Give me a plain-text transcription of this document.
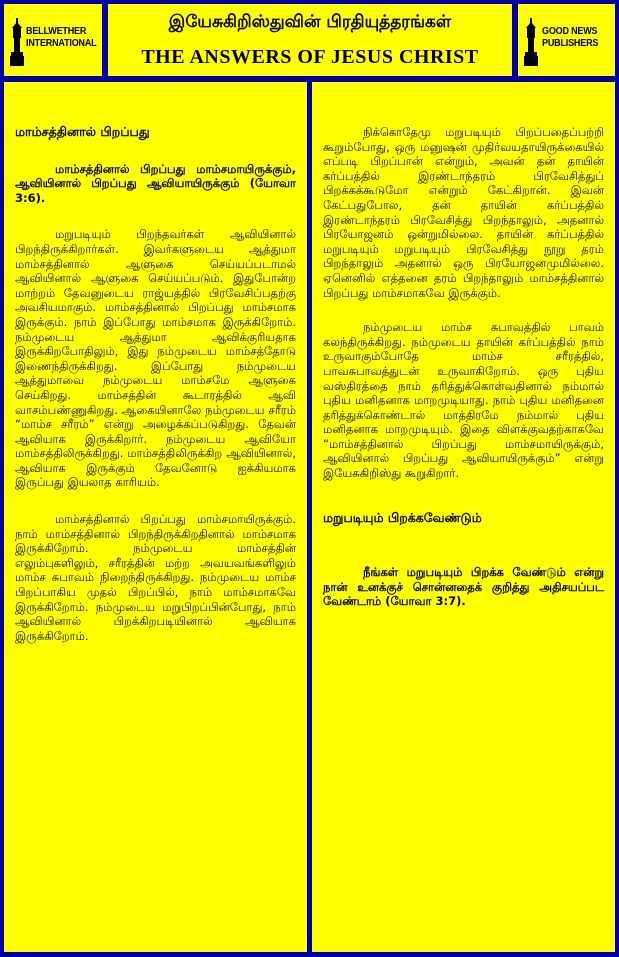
BELLWETHER INTERNATIONAL
இயேசுகிறிஸ்துவின் பிரதியுத்தரங்கள்
THE ANSWERS OF JESUS CHRIST
GOOD NEWS PUBLISHERS
மாம்சத்தினால் பிறப்பது

மாம்சத்தினால் பிறப்பது மாம்சமாயிருக்கும், ஆவியினால் பிறப்பது ஆவியாயிருக்கும் (யோவா 3:6).

மறுபடியும் பிறந்தவர்கள் ஆவியினால் பிறந்திருக்கிறார்கள். இவர்களுடைய ஆத்துமா மாம்சத்தினால் ஆளுகை செய்யப்படாமல் ஆவியினால் ஆளுகை செய்யப்படும். இதுபோன்ற மாற்றம் தேவனுடைய ராஜ்யத்தில் பிரவேசிப்பதற்கு அவசியமாகும். மாம்சத்தினால் பிறப்பது மாம்சமாக இருக்கும். நாம் இப்போது மாம்சமாக இருக்கிறோம். நம்முடைய ஆத்துமா ஆவிக்குரியதாக இருக்கிறபோதிலும், இது நம்முடைய மாம்சத்தோடு இணைந்திருக்கிறது. இப்போது நம்முடைய ஆத்துமாவை நம்முடைய மாம்சமே ஆளுகை செய்கிறது. மாம்சத்தின் கூடாரத்தில் ஆவி வாசம்பண்ணுகிறது. ஆகையினாலே நம்முடைய சரீரம் “மாம்ச சரீரம்” என்று அழைக்கப்படுகிறது. தேவன் ஆவியாக இருக்கிறார். நம்முடைய ஆவியோ மாம்சத்திலிருக்கிறது. மாம்சத்திலிருக்கிற ஆவியினால், ஆவியாக இருக்கும் தேவனோடு ஐக்கியமாக இருப்பது இயலாத காரியம்.

மாம்சத்தினால் பிறப்பது மாம்சமாயிருக்கும். நாம் மாம்சத்தினால் பிறந்திருக்கிறதினால் மாம்சமாக இருக்கிறோம். நம்முடைய மாம்சத்தின் எலும்புகளிலும், சரீரத்தின் மற்ற அவயவங்களிலும் மாம்ச சுபாவம் நிறைந்திருக்கிறது. நம்முடைய மாம்ச பிறப்பாகிய முதல் பிறப்பில், நாம் மாம்சமாகவே இருக்கிறோம். நம்முடைய மறுபிறப்பின்போது, நாம் ஆவியினால் பிறக்கிறபடியினால் ஆவியாக இருக்கிறோம்.

நிக்கொதேமு மறுபடியும் பிறப்பதைப்பற்றி கூறும்போது, ஒரு மனுஷன் முதிர்வயதாயிருக்கையில் எப்படி பிறப்பான் என்றும், அவன் தன் தாயின் கர்ப்பத்தில் இரண்டாந்தரம் பிரவேசித்துப் பிறக்கக்கூடுமோ என்றும் கேட்கிறான். இவன் கேட்பதுபோல, தன் தாயின் கர்ப்பத்தில் இரண்டாந்தரம் பிரவேசித்து பிறந்தாலும், அதனால் பிரயோஜனம் ஒன்றுமில்லை. தாயின் கர்ப்பத்தில் மறுபடியும் மறுபடியும் பிரவேசித்து நூறு தரம் பிறந்தாலும் அதனால் ஒரு பிரயோஜனமுமில்லை. ஏனெனில் எத்தனை தரம் பிறந்தாலும் மாம்சத்தினால் பிறப்பது மாம்சமாகவே இருக்கும்.

நம்முடைய மாம்ச சுபாவத்தில் பாவம் கலந்திருக்கிறது. நம்முடைய தாயின் கர்ப்பத்தில் நாம் உருவாகும்போதே மாம்ச சரீரத்தில், பாவசுபாவத்துடன் உருவாகிறோம். ஒரு புதிய வஸ்திரத்தை நாம் தரித்துக்கொள்வதினால் நம்மால் புதிய மனிதனாக மாறமுடியாது. நாம் புதிய மனிதனை தரித்துக்கொண்டால் மாத்திரமே நம்மால் புதிய மனிதனாக மாறமுடியும். இதை விளக்குவதற்காகவே “மாம்சத்தினால் பிறப்பது மாம்சமாயிருக்கும், ஆவியினால் பிறப்பது ஆவியாயிருக்கும்” என்று இயேசுகிறிஸ்து கூறுகிறார்.

மறுபடியும் பிறக்கவேண்டும்

நீங்கள் மறுபடியும் பிறக்க வேண்டும் என்று நான் உனக்குச் சொன்னதைக் குறித்து அதிசயப்பட வேண்டாம் (யோவா 3:7).
